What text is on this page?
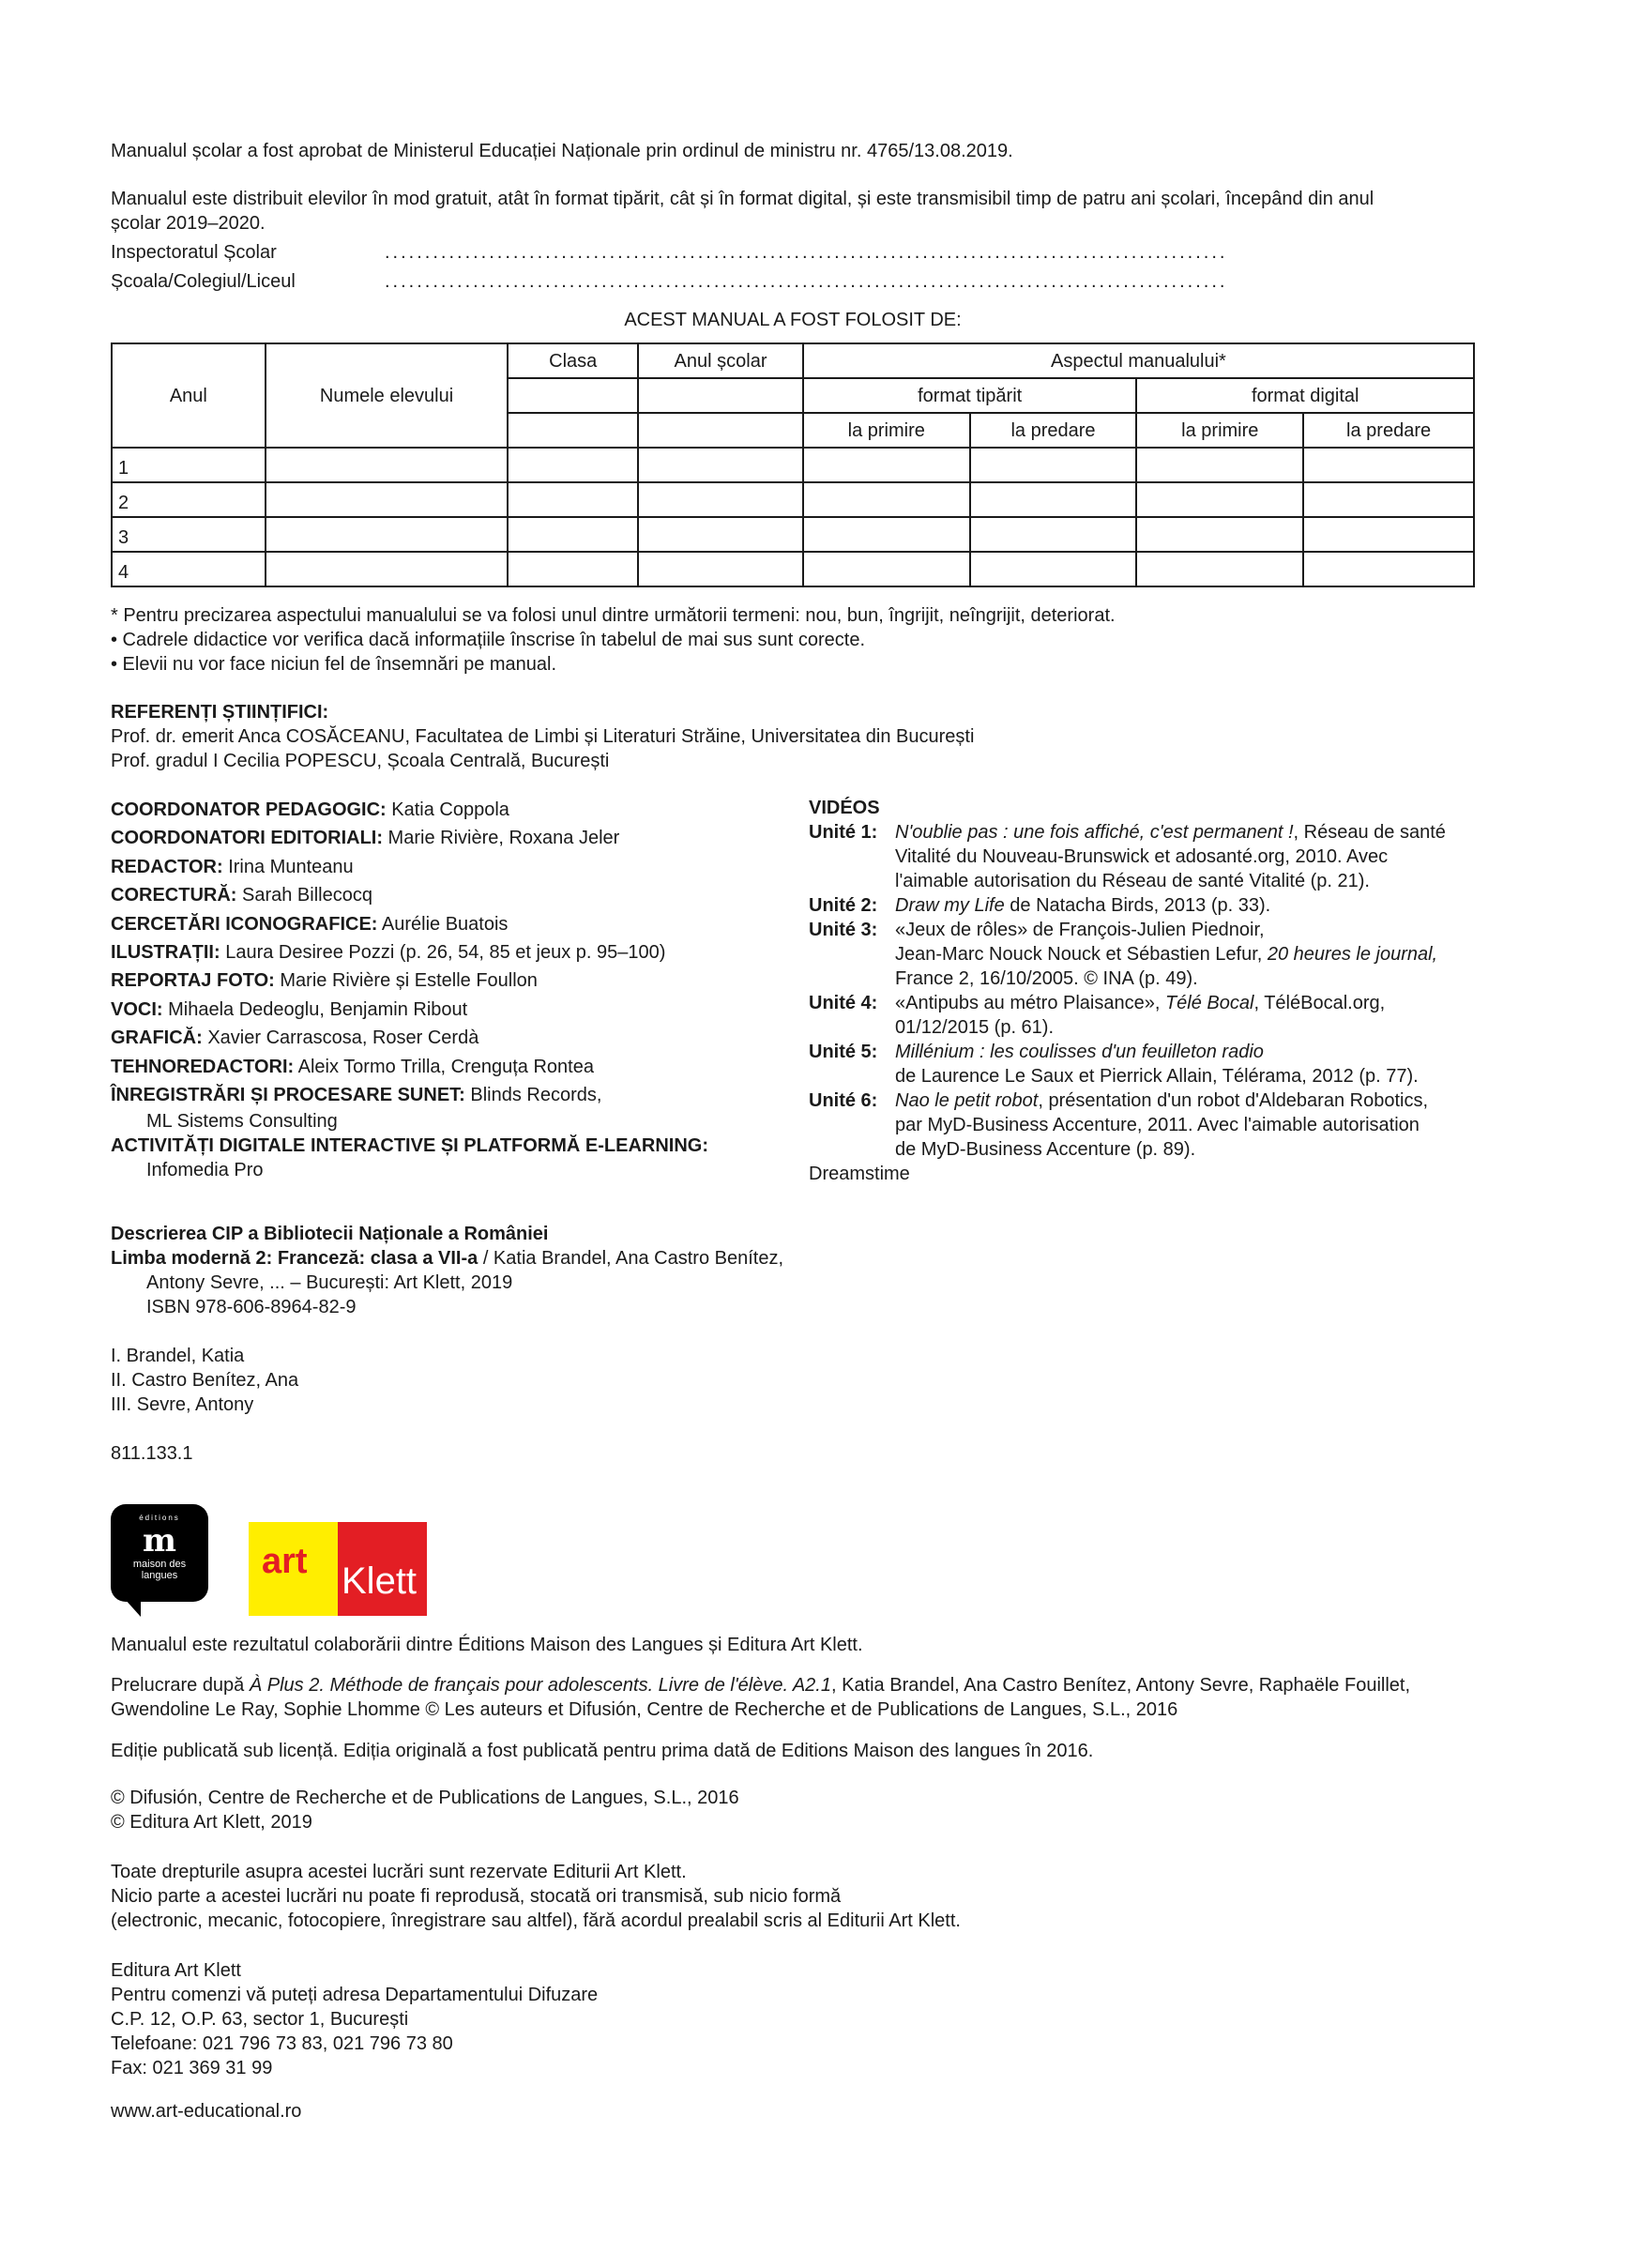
Manualul școlar a fost aprobat de Ministerul Educației Naționale prin ordinul de ministru nr. 4765/13.08.2019.

Manualul este distribuit elevilor în mod gratuit, atât în format tipărit, cât și în format digital, și este transmisibil timp de patru ani școlari, începând din anul

școlar 2019–2020.

Inspectoratul Școlar	.........................................................................................................

Școala/Colegiul/Liceul	.........................................................................................................

ACEST MANUAL A FOST FOLOSIT DE:

Anul	Numele elevului	Clasa	Anul școlar	Aspectul manualului*			
				format tipărit		format digital	
				la primire	la predare	la primire	la predare
1							
2							
3							
4							

* Pentru precizarea aspectului manualului se va folosi unul dintre următorii termeni: nou, bun, îngrijit, neîngrijit, deteriorat.

• Cadrele didactice vor verifica dacă informațiile înscrise în tabelul de mai sus sunt corecte.

• Elevii nu vor face niciun fel de însemnări pe manual.

REFERENȚI ȘTIINȚIFICI:

Prof. dr. emerit Anca COSĂCEANU, Facultatea de Limbi și Literaturi Străine, Universitatea din București

Prof. gradul I Cecilia POPESCU, Școala Centrală, București

COORDONATOR PEDAGOGIC: Katia Coppola

COORDONATORI EDITORIALI: Marie Rivière, Roxana Jeler

REDACTOR: Irina Munteanu

CORECTURĂ: Sarah Billecocq

CERCETĂRI ICONOGRAFICE: Aurélie Buatois

ILUSTRAȚII: Laura Desiree Pozzi (p. 26, 54, 85 et jeux p. 95–100)

REPORTAJ FOTO: Marie Rivière și Estelle Foullon

VOCI: Mihaela Dedeoglu, Benjamin Ribout

GRAFICĂ: Xavier Carrascosa, Roser Cerdà

TEHNOREDACTORI: Aleix Tormo Trilla, Crenguța Rontea

ÎNREGISTRĂRI ȘI PROCESARE SUNET: Blinds Records,

ML Sistems Consulting

ACTIVITĂȚI DIGITALE INTERACTIVE ȘI PLATFORMĂ E-LEARNING:

Infomedia Pro

VIDÉOS

Unité 1: N'oublie pas : une fois affiché, c'est permanent !, Réseau de santé

Vitalité du Nouveau-Brunswick et adosanté.org, 2010. Avec

l'aimable autorisation du Réseau de santé Vitalité (p. 21).

Unité 2: Draw my Life de Natacha Birds, 2013 (p. 33).

Unité 3: «Jeux de rôles» de François-Julien Piednoir,

Jean-Marc Nouck Nouck et Sébastien Lefur, 20 heures le journal,

France 2, 16/10/2005. © INA (p. 49).

Unité 4: «Antipubs au métro Plaisance», Télé Bocal, TéléBocal.org,

01/12/2015 (p. 61).

Unité 5: Millénium : les coulisses d'un feuilleton radio

de Laurence Le Saux et Pierrick Allain, Télérama, 2012 (p. 77).

Unité 6: Nao le petit robot, présentation d'un robot d'Aldebaran Robotics,

par MyD-Business Accenture, 2011. Avec l'aimable autorisation

de MyD-Business Accenture (p. 89).

Dreamstime

Descrierea CIP a Bibliotecii Naționale a României

Limba modernă 2: Franceză: clasa a VII-a / Katia Brandel, Ana Castro Benítez,

Antony Sevre, ... – București: Art Klett, 2019

ISBN 978-606-8964-82-9

I. Brandel, Katia

II. Castro Benítez, Ana

III. Sevre, Antony

811.133.1

éditions
m
maison des
langues	art Klett

Manualul este rezultatul colaborării dintre Éditions Maison des Langues și Editura Art Klett.

Prelucrare după À Plus 2. Méthode de français pour adolescents. Livre de l'élève. A2.1, Katia Brandel, Ana Castro Benítez, Antony Sevre, Raphaële Fouillet,

Gwendoline Le Ray, Sophie Lhomme © Les auteurs et Difusión, Centre de Recherche et de Publications de Langues, S.L., 2016

Ediție publicată sub licență. Ediția originală a fost publicată pentru prima dată de Editions Maison des langues în 2016.

© Difusión, Centre de Recherche et de Publications de Langues, S.L., 2016

© Editura Art Klett, 2019

Toate drepturile asupra acestei lucrări sunt rezervate Editurii Art Klett.

Nicio parte a acestei lucrări nu poate fi reprodusă, stocată ori transmisă, sub nicio formă

(electronic, mecanic, fotocopiere, înregistrare sau altfel), fără acordul prealabil scris al Editurii Art Klett.

Editura Art Klett

Pentru comenzi vă puteți adresa Departamentului Difuzare

C.P. 12, O.P. 63, sector 1, București

Telefoane: 021 796 73 83, 021 796 73 80

Fax: 021 369 31 99

www.art-educational.ro
